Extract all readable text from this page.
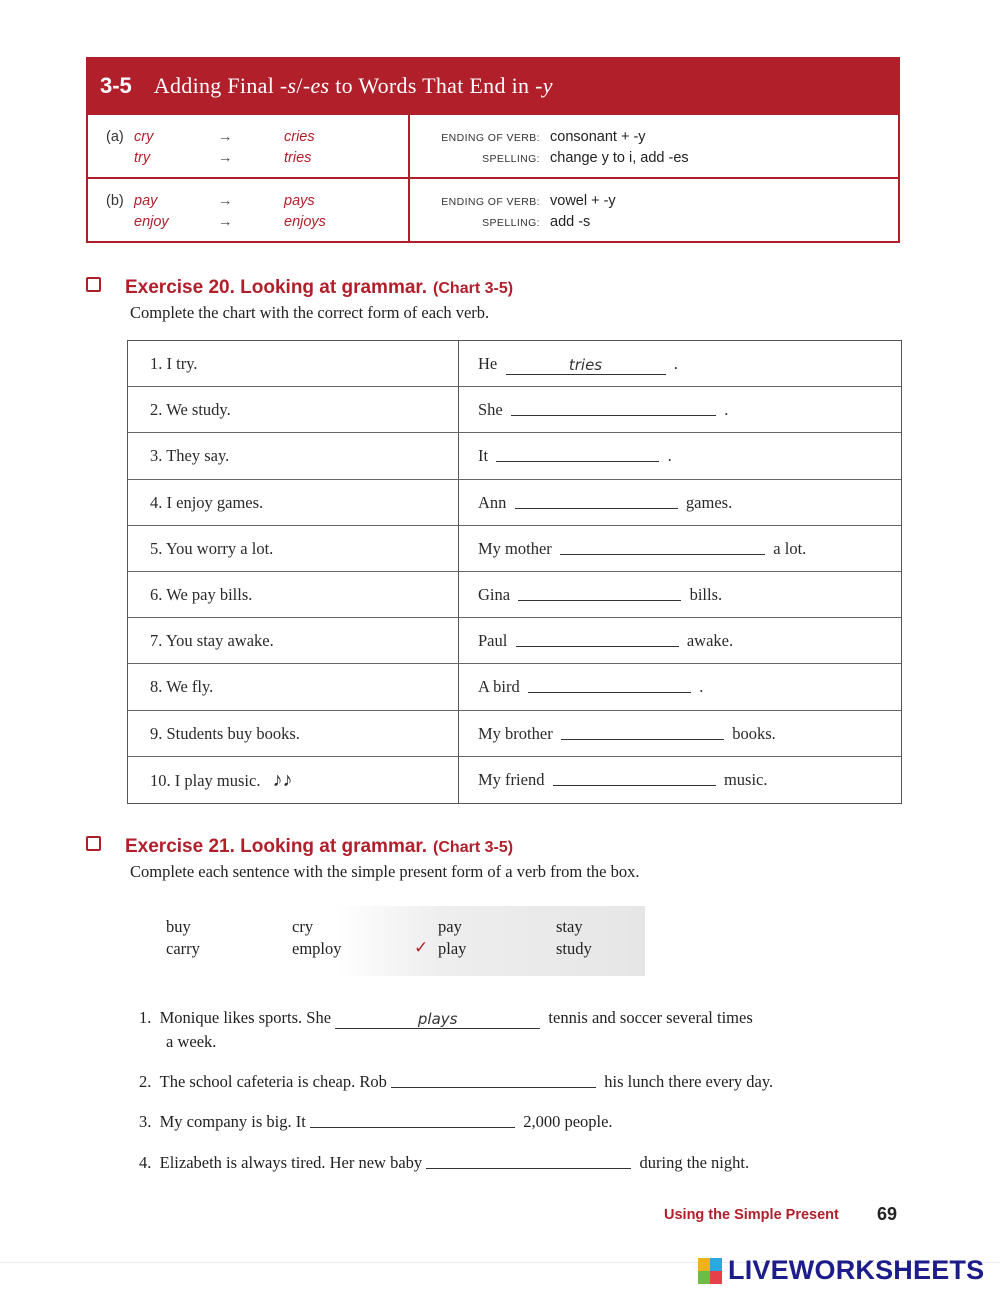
3-5 Adding Final -s/-es to Words That End in -y
(a) cry	→	cries
try	→	tries
ENDING OF VERB: consonant + -y
SPELLING: change y to i, add -es
(b) pay	→	pays
enjoy	→	enjoys
ENDING OF VERB: vowel + -y
SPELLING: add -s
Exercise 20. Looking at grammar. (Chart 3-5)
Complete the chart with the correct form of each verb.
1. I try.	He	tries	.
2. We study.	She	.
3. They say.	It	.
4. I enjoy games.	Ann	games.
5. You worry a lot.	My mother	a lot.
6. We pay bills.	Gina	bills.
7. You stay awake.	Paul	awake.
8. We fly.	A bird	.
9. Students buy books.	My brother	books.
10. I play music. ♪♪	My friend	music.
Exercise 21. Looking at grammar. (Chart 3-5)
Complete each sentence with the simple present form of a verb from the box.
buy
carry
cry
employ
pay
✓ play
stay
study
1. Monique likes sports. She	plays	tennis and soccer several times
a week.
2. The school cafeteria is cheap. Rob	his lunch there every day.
3. My company is big. It	2,000 people.
4. Elizabeth is always tired. Her new baby	during the night.
Using the Simple Present 69
LIVEWORKSHEETS
